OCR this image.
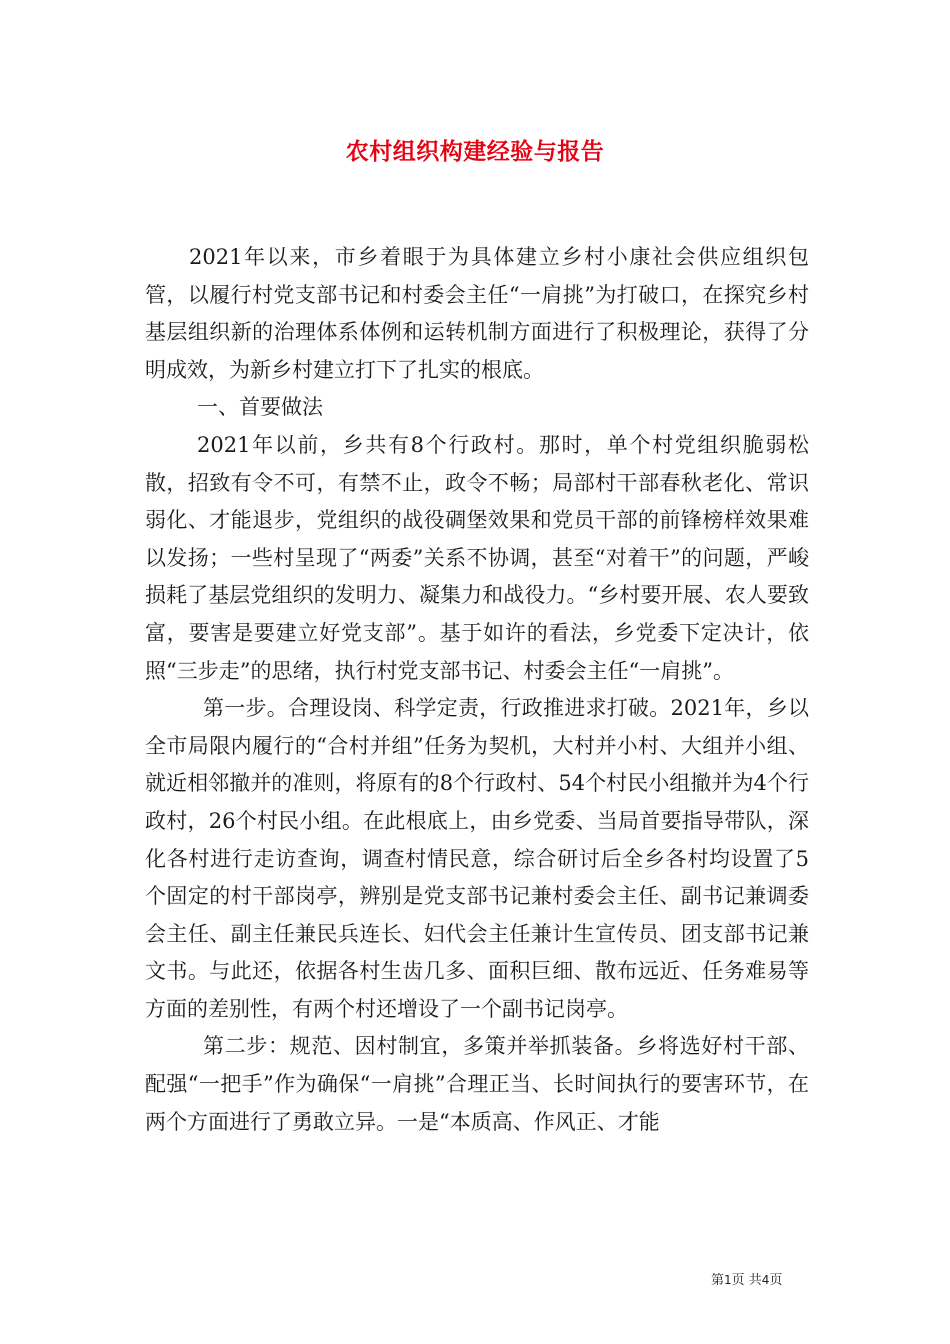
农村组织构建经验与报告

2021年以来，市乡着眼于为具体建立乡村小康社会供应组织包管，以履行村党支部书记和村委会主任“一肩挑”为打破口，在探究乡村基层组织新的治理体系体例和运转机制方面进行了积极理论，获得了分明成效，为新乡村建立打下了扎实的根底。

一、首要做法

2021年以前，乡共有8个行政村。那时，单个村党组织脆弱松散，招致有令不可，有禁不止，政令不畅；局部村干部春秋老化、常识弱化、才能退步，党组织的战役碉堡效果和党员干部的前锋榜样效果难以发扬；一些村呈现了“两委”关系不协调，甚至“对着干”的问题，严峻损耗了基层党组织的发明力、凝集力和战役力。“乡村要开展、农人要致富，要害是要建立好党支部”。基于如许的看法，乡党委下定决计，依照“三步走”的思绪，执行村党支部书记、村委会主任“一肩挑”。

第一步。合理设岗、科学定责，行政推进求打破。2021年，乡以全市局限内履行的“合村并组”任务为契机，大村并小村、大组并小组、就近相邻撤并的准则，将原有的8个行政村、54个村民小组撤并为4个行政村，26个村民小组。在此根底上，由乡党委、当局首要指导带队，深化各村进行走访查询，调查村情民意，综合研讨后全乡各村均设置了5个固定的村干部岗亭，辨别是党支部书记兼村委会主任、副书记兼调委会主任、副主任兼民兵连长、妇代会主任兼计生宣传员、团支部书记兼文书。与此还，依据各村生齿几多、面积巨细、散布远近、任务难易等方面的差别性，有两个村还增设了一个副书记岗亭。

第二步：规范、因村制宜，多策并举抓装备。乡将选好村干部、配强“一把手”作为确保“一肩挑”合理正当、长时间执行的要害环节，在两个方面进行了勇敢立异。一是“本质高、作风正、才能

第1页 共4页
